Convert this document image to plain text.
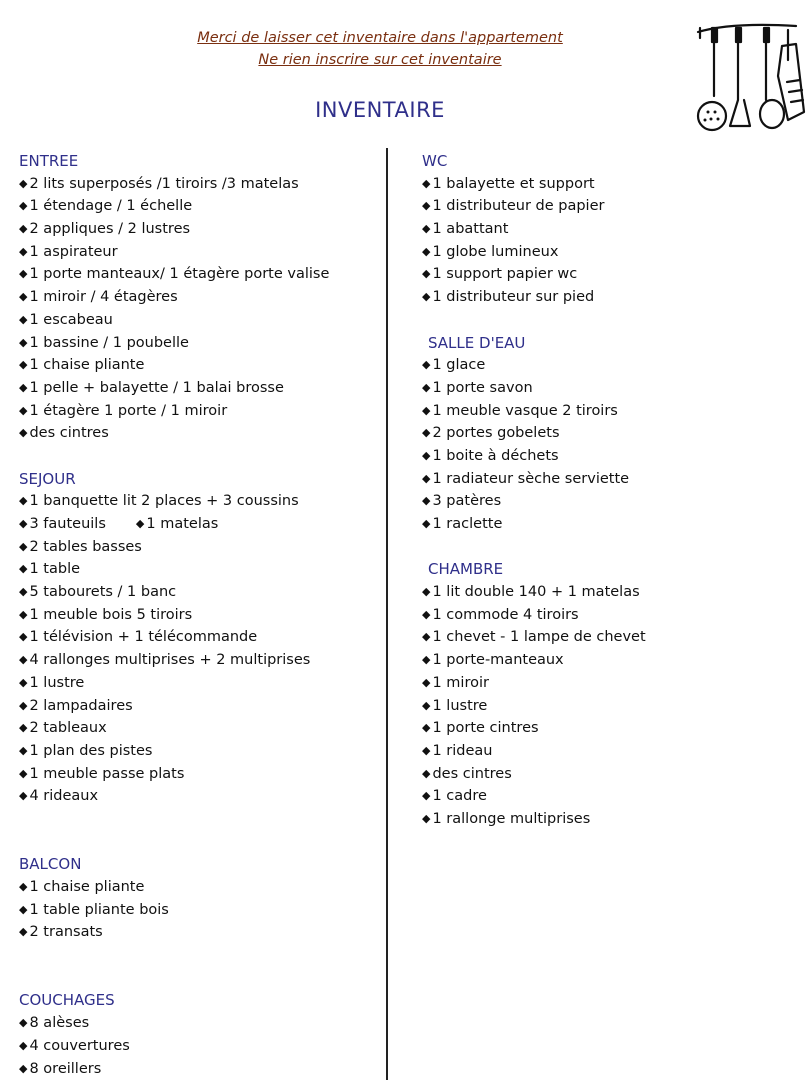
Merci de laisser cet inventaire dans l'appartement
Ne rien inscrire sur cet inventaire
INVENTAIRE
ENTREE
◆ 2 lits superposés /1 tiroirs /3 matelas
◆ 1 étendage / 1 échelle
◆ 2 appliques / 2 lustres
◆ 1 aspirateur
◆ 1 porte manteaux/ 1 étagère porte valise
◆ 1 miroir / 4 étagères
◆ 1 escabeau
◆ 1 bassine / 1 poubelle
◆ 1 chaise pliante
◆ 1 pelle + balayette / 1 balai brosse
◆ 1 étagère 1 porte / 1 miroir
◆ des cintres
SEJOUR
◆ 1 banquette lit 2 places + 3 coussins
◆ 3 fauteuils	◆ 1 matelas
◆ 2 tables basses
◆ 1 table
◆ 5 tabourets / 1 banc
◆ 1 meuble bois 5 tiroirs
◆ 1 télévision + 1 télécommande
◆ 4 rallonges multiprises + 2 multiprises
◆ 1 lustre
◆ 2 lampadaires
◆ 2 tableaux
◆ 1 plan des pistes
◆ 1 meuble passe plats
◆ 4 rideaux
BALCON
◆ 1 chaise pliante
◆ 1 table pliante bois
◆ 2 transats
COUCHAGES
◆ 8 alèses
◆ 4 couvertures
◆ 8 oreillers
WC
◆ 1 balayette et support
◆ 1 distributeur de papier
◆ 1 abattant
◆ 1 globe lumineux
◆ 1 support papier wc
◆ 1 distributeur sur pied
SALLE D'EAU
◆ 1 glace
◆ 1 porte savon
◆ 1 meuble vasque 2 tiroirs
◆ 2 portes gobelets
◆ 1 boite à déchets
◆ 1 radiateur sèche serviette
◆ 3 patères
◆ 1 raclette
CHAMBRE
◆ 1 lit double 140 + 1 matelas
◆ 1 commode 4 tiroirs
◆ 1 chevet - 1 lampe de chevet
◆ 1 porte-manteaux
◆ 1 miroir
◆ 1 lustre
◆ 1 porte cintres
◆ 1 rideau
◆ des cintres
◆ 1 cadre
◆ 1 rallonge multiprises
